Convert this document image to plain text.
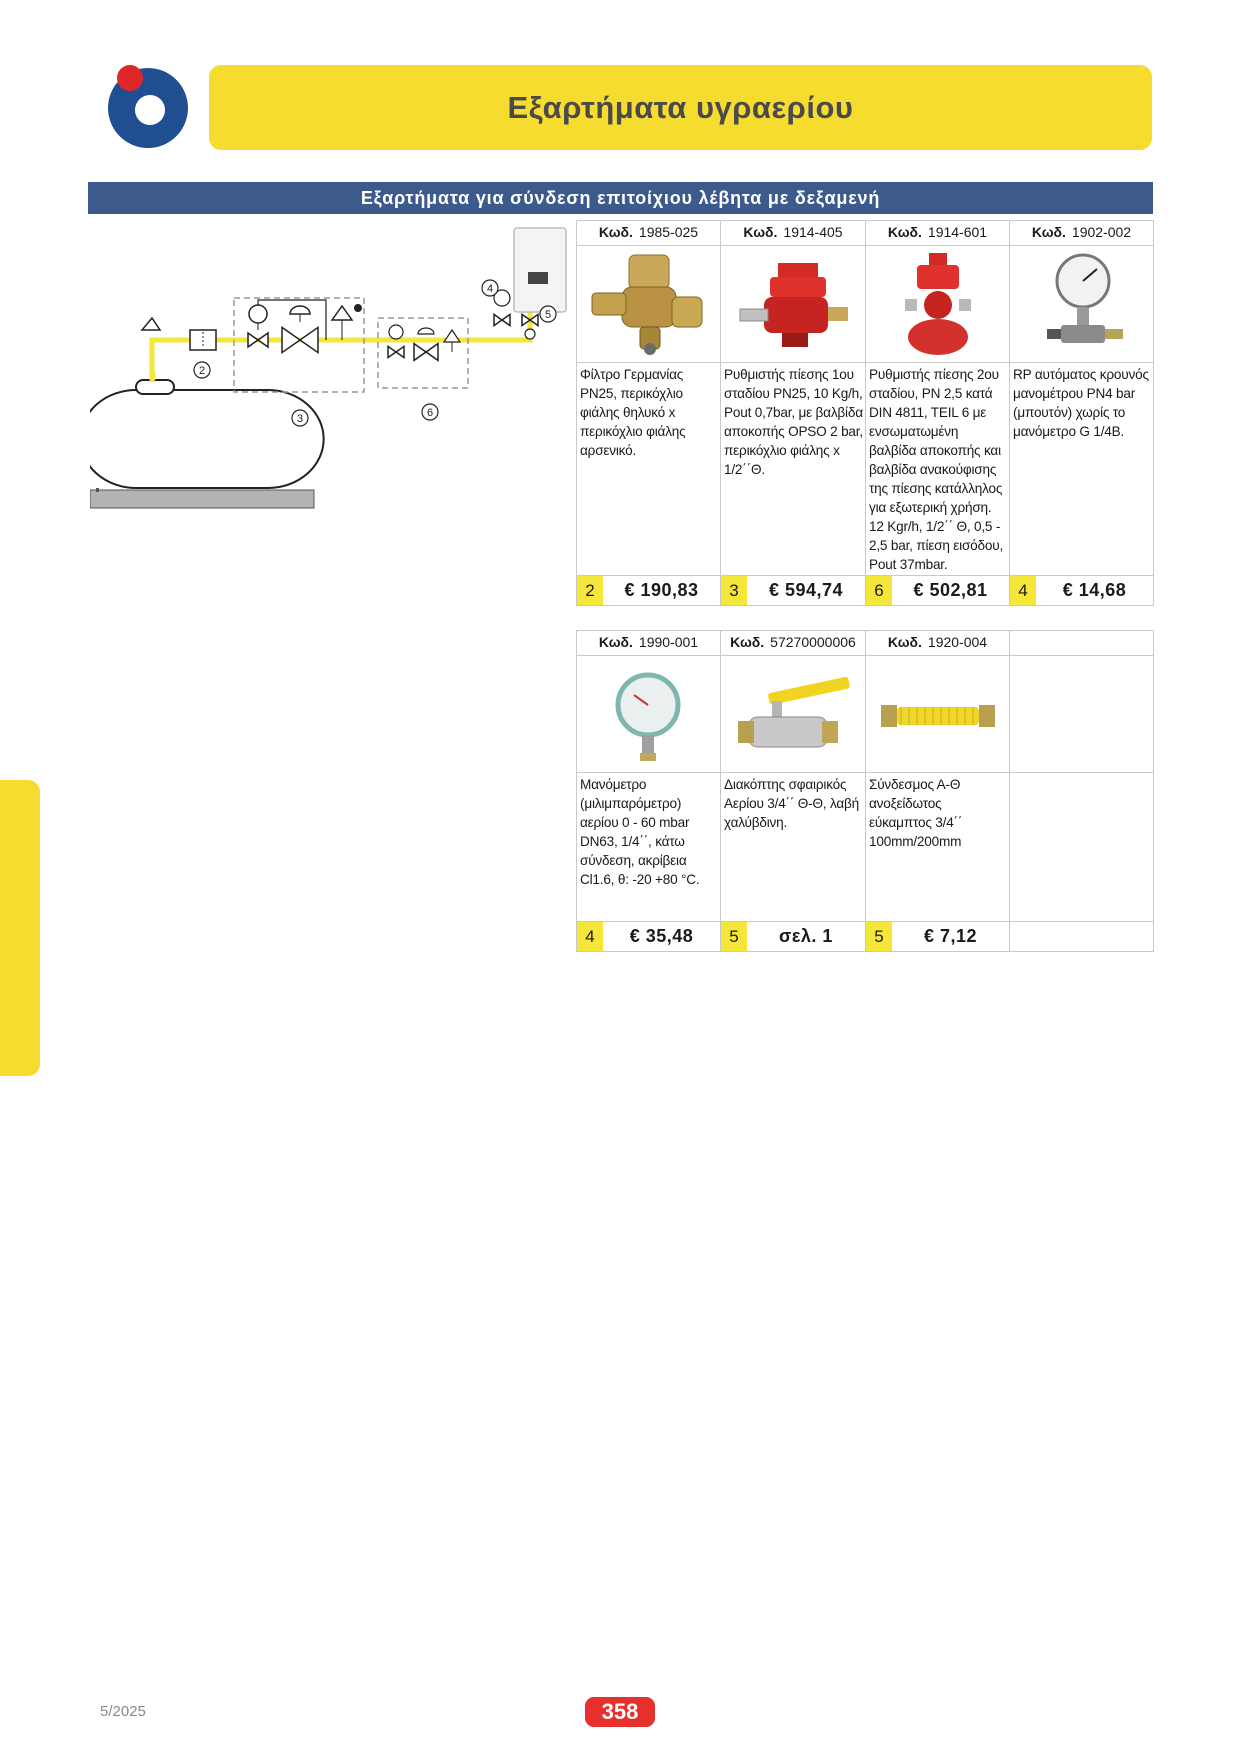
Εξαρτήματα υγραερίου
Εξαρτήματα για σύνδεση επιτοίχιου λέβητα με δεξαμενή
2
3	6
4
5
Κωδ. 1985-025	Κωδ. 1914-405	Κωδ. 1914-601	Κωδ. 1902-002

Φίλτρο Γερμανίας PN25, περικόχλιο φιάλης θηλυκό x περικόχλιο φιάλης αρσενικό.	Ρυθμιστής πίεσης 1ου σταδίου PN25, 10 Kg/h, Pout 0,7bar, με βαλβίδα αποκοπής OPSO 2 bar, περικόχλιο φιάλης x 1/2΄΄Θ.	Ρυθμιστής πίεσης 2ου σταδίου, PN 2,5 κατά DIN 4811, TEIL 6 με ενσωματωμένη βαλβίδα αποκοπής και βαλβίδα ανακούφισης της πίεσης κατάλληλος για εξωτερική χρήση. 12 Kgr/h, 1/2΄΄ Θ, 0,5 - 2,5 bar, πίεση εισόδου, Pout 37mbar.	RP αυτόματος κρουνός μανομέτρου PN4 bar (μπουτόν) χωρίς το μανόμετρο G 1/4B.

2 € 190,83	3 € 594,74	6 € 502,81	4 € 14,68
Κωδ. 1990-001	Κωδ. 57270000006	Κωδ. 1920-004	

Μανόμετρο (μιλιμπαρόμετρο) αερίου 0 - 60 mbar DN63, 1/4΄΄, κάτω σύνδεση, ακρίβεια Cl1.6, θ: -20 +80 °C.	Διακόπτης σφαιρικός Αερίου 3/4΄΄ Θ-Θ, λαβή χαλύβδινη.	Σύνδεσμος Α-Θ ανοξείδωτος εύκαμπτος 3/4΄΄ 100mm/200mm	

4 € 35,48	5 σελ. 1	5 € 7,12	

5/2025	358
